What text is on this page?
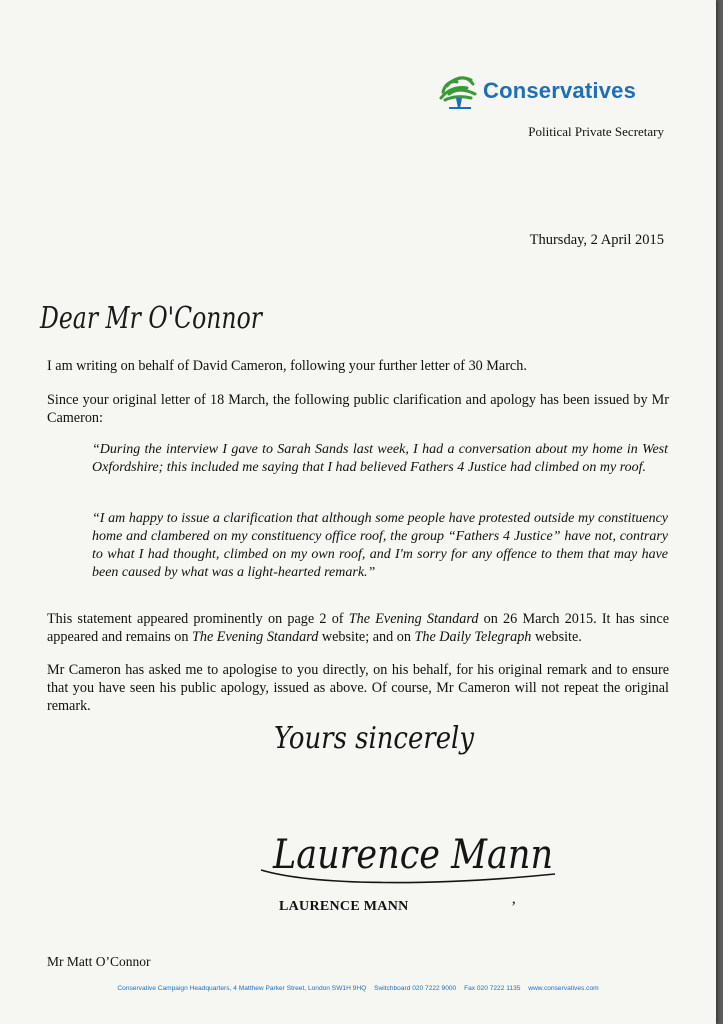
Conservatives
Political Private Secretary
Thursday, 2 April 2015
Dear Mr O'Connor
I am writing on behalf of David Cameron, following your further letter of 30 March.
Since your original letter of 18 March, the following public clarification and apology has been issued by Mr Cameron:
“During the interview I gave to Sarah Sands last week, I had a conversation about my home in West Oxfordshire; this included me saying that I had believed Fathers 4 Justice had climbed on my roof.
“I am happy to issue a clarification that although some people have protested outside my constituency home and clambered on my constituency office roof, the group “Fathers 4 Justice” have not, contrary to what I had thought, climbed on my own roof, and I'm sorry for any offence to them that may have been caused by what was a light-hearted remark.”
This statement appeared prominently on page 2 of The Evening Standard on 26 March 2015. It has since appeared and remains on The Evening Standard website; and on The Daily Telegraph website.
Mr Cameron has asked me to apologise to you directly, on his behalf, for his original remark and to ensure that you have seen his public apology, issued as above. Of course, Mr Cameron will not repeat the original remark.
Yours sincerely
Laurence Mann
LAURENCE MANN	’
Mr Matt O’Connor
Conservative Campaign Headquarters, 4 Matthew Parker Street, London SW1H 9HQ Switchboard 020 7222 9000 Fax 020 7222 1135 www.conservatives.com
